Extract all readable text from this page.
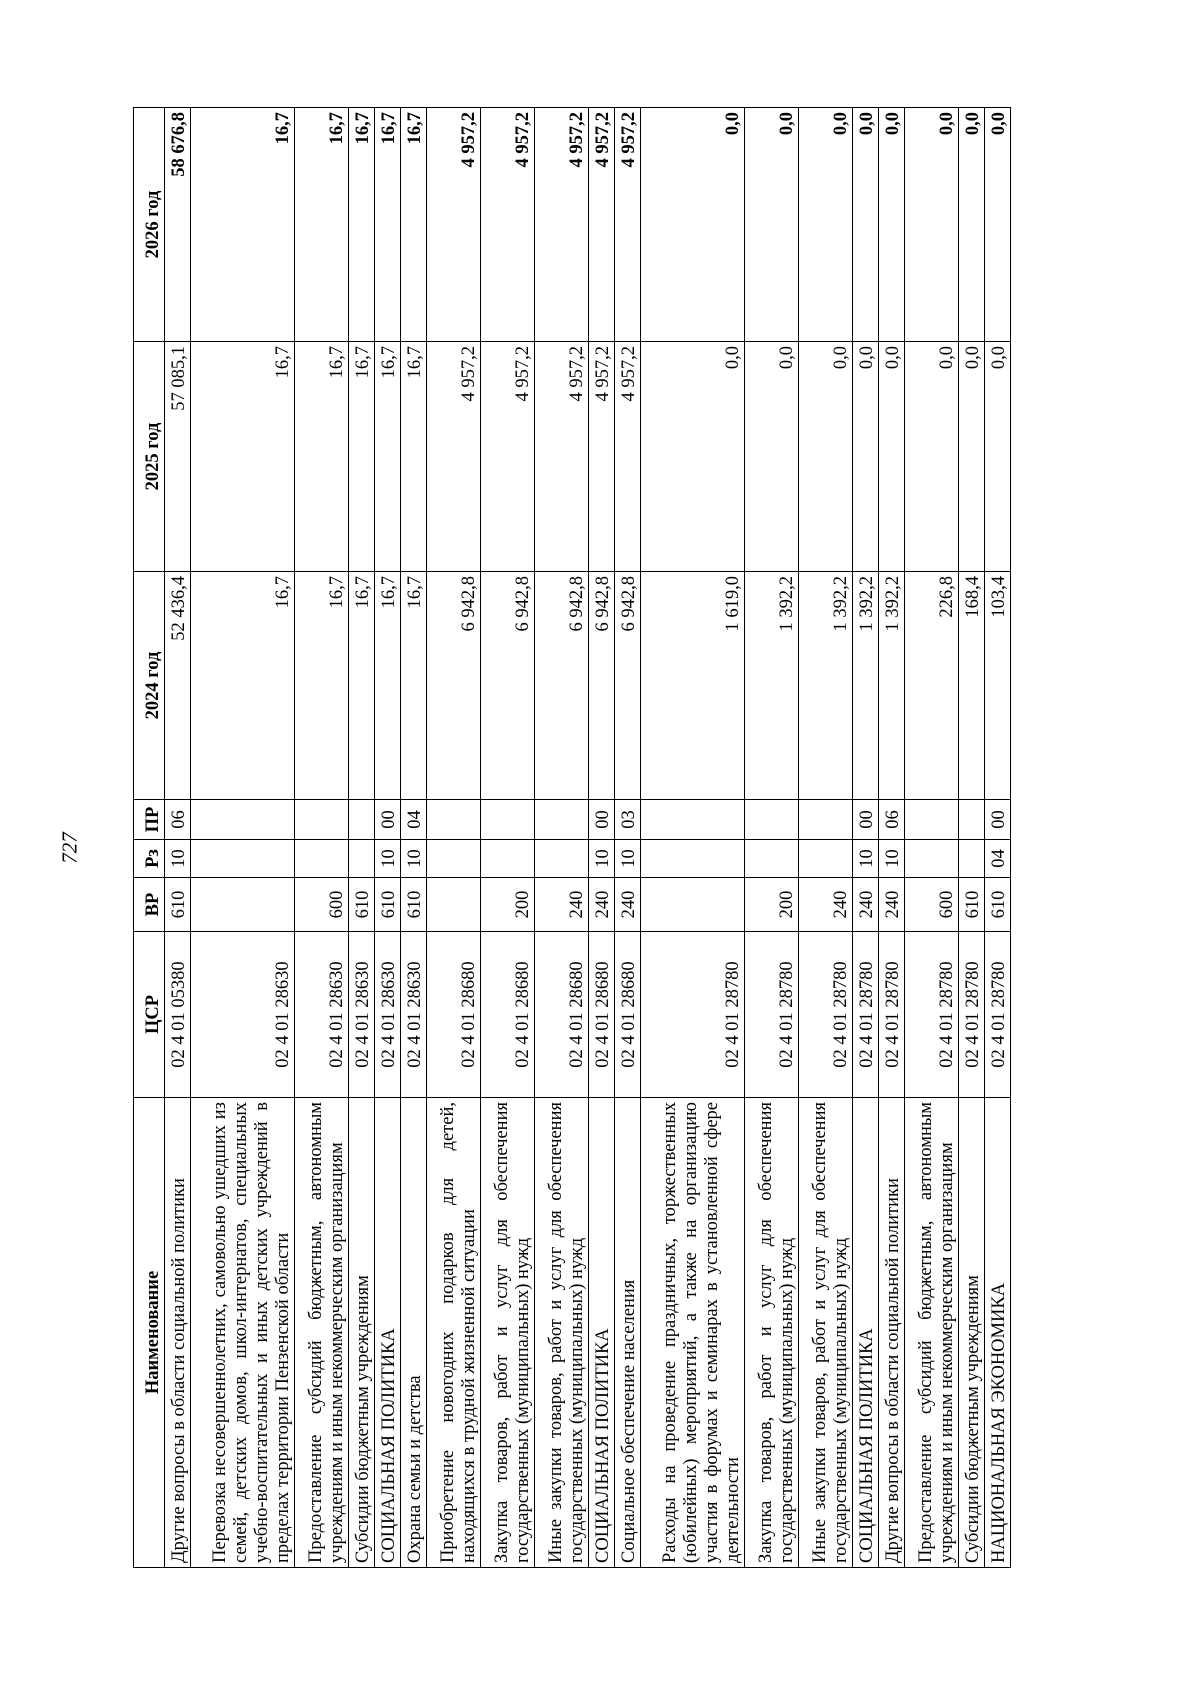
727
Наименование	ЦСР	ВР	Рз	ПР	2024 год	2025 год	2026 год
Другие вопросы в области социальной политики	02 4 01 05380	610	10	06	52 436,4	57 085,1	58 676,8
Перевозка несовершеннолетних, самовольно ушедших из семей, детских домов, школ-интернатов, специальных учебно-воспитательных и иных детских учреждений в пределах территории Пензенской области	02 4 01 28630				16,7	16,7	16,7
Предоставление субсидий бюджетным, автономным учреждениям и иным некоммерческим организациям	02 4 01 28630	600			16,7	16,7	16,7
Субсидии бюджетным учреждениям	02 4 01 28630	610			16,7	16,7	16,7
СОЦИАЛЬНАЯ ПОЛИТИКА	02 4 01 28630	610	10	00	16,7	16,7	16,7
Охрана семьи и детства	02 4 01 28630	610	10	04	16,7	16,7	16,7
Приобретение новогодних подарков для детей, находящихся в трудной жизненной ситуации	02 4 01 28680				6 942,8	4 957,2	4 957,2
Закупка товаров, работ и услуг для обеспечения государственных (муниципальных) нужд	02 4 01 28680	200			6 942,8	4 957,2	4 957,2
Иные закупки товаров, работ и услуг для обеспечения государственных (муниципальных) нужд	02 4 01 28680	240			6 942,8	4 957,2	4 957,2
СОЦИАЛЬНАЯ ПОЛИТИКА	02 4 01 28680	240	10	00	6 942,8	4 957,2	4 957,2
Социальное обеспечение населения	02 4 01 28680	240	10	03	6 942,8	4 957,2	4 957,2
Расходы на проведение праздничных, торжественных (юбилейных) мероприятий, а также на организацию участия в форумах и семинарах в установленной сфере деятельности	02 4 01 28780				1 619,0	0,0	0,0
Закупка товаров, работ и услуг для обеспечения государственных (муниципальных) нужд	02 4 01 28780	200			1 392,2	0,0	0,0
Иные закупки товаров, работ и услуг для обеспечения государственных (муниципальных) нужд	02 4 01 28780	240			1 392,2	0,0	0,0
СОЦИАЛЬНАЯ ПОЛИТИКА	02 4 01 28780	240	10	00	1 392,2	0,0	0,0
Другие вопросы в области социальной политики	02 4 01 28780	240	10	06	1 392,2	0,0	0,0
Предоставление субсидий бюджетным, автономным учреждениям и иным некоммерческим организациям	02 4 01 28780	600			226,8	0,0	0,0
Субсидии бюджетным учреждениям	02 4 01 28780	610			168,4	0,0	0,0
НАЦИОНАЛЬНАЯ ЭКОНОМИКА	02 4 01 28780	610	04	00	103,4	0,0	0,0
